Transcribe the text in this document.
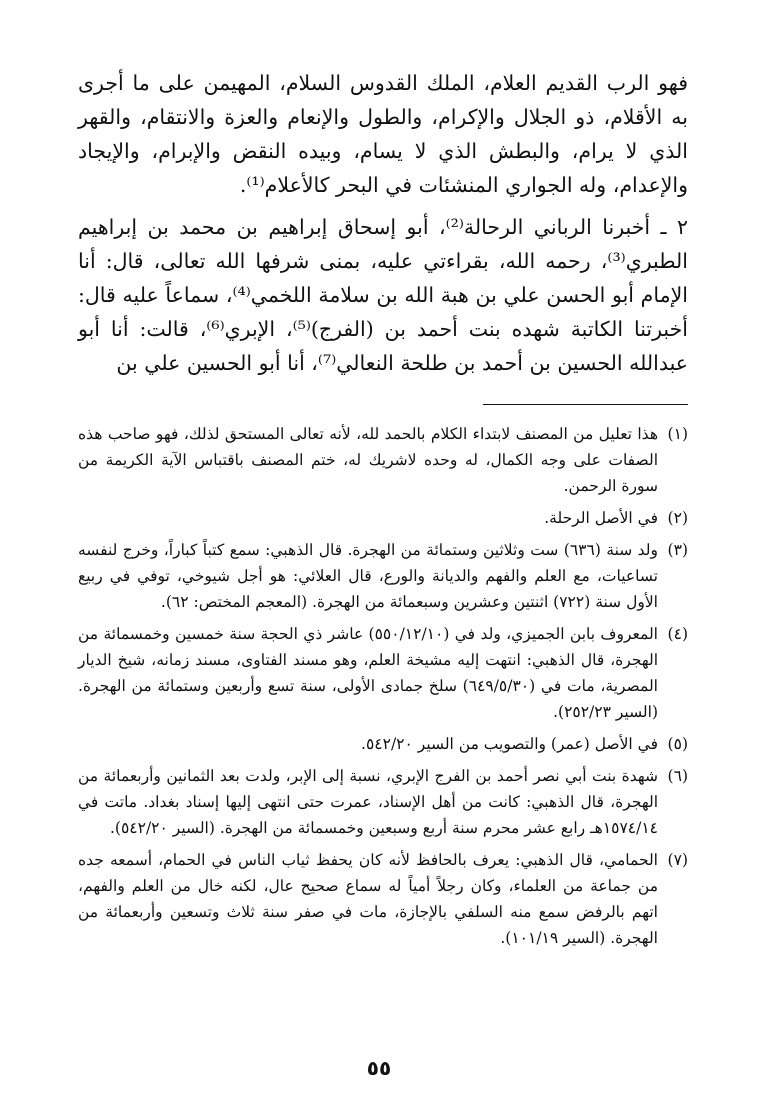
فهو الرب القديم العلام، الملك القدوس السلام، المهيمن على ما أجرى به الأقلام، ذو الجلال والإكرام، والطول والإنعام والعزة والانتقام، والقهر الذي لا يرام، والبطش الذي لا يسام، وبيده النقض والإبرام، والإيجاد والإعدام، وله الجواري المنشئات في البحر كالأعلام⁽¹⁾.

٢ ـ أخبرنا الرباني الرحالة⁽²⁾، أبو إسحاق إبراهيم بن محمد بن إبراهيم الطبري⁽³⁾، رحمه الله، بقراءتي عليه، بمنى شرفها الله تعالى، قال: أنا الإمام أبو الحسن علي بن هبة الله بن سلامة اللخمي⁽⁴⁾، سماعاً عليه قال: أخبرتنا الكاتبة شهده بنت أحمد بن (الفرج)⁽⁵⁾، الإبري⁽⁶⁾، قالت: أنا أبو عبدالله الحسين بن أحمد بن طلحة النعالي⁽⁷⁾، أنا أبو الحسين علي بن

(١)
هذا تعليل من المصنف لابتداء الكلام بالحمد لله، لأنه تعالى المستحق لذلك، فهو صاحب هذه الصفات على وجه الكمال، له وحده لاشريك له، ختم المصنف باقتباس الآية الكريمة من سورة الرحمن.
(٢)
في الأصل الرحلة.
(٣)
ولد سنة (٦٣٦) ست وثلاثين وستمائة من الهجرة. قال الذهبي: سمع كتباً كباراً، وخرج لنفسه تساعيات، مع العلم والفهم والديانة والورع، قال العلائي: هو أجل شيوخي، توفي في ربيع الأول سنة (٧٢٢) اثنتين وعشرين وسبعمائة من الهجرة. (المعجم المختص: ٦٢).
(٤)
المعروف بابن الجميزي، ولد في (٥٥٠/١٢/١٠) عاشر ذي الحجة سنة خمسين وخمسمائة من الهجرة، قال الذهبي: انتهت إليه مشيخة العلم، وهو مسند الفتاوى، مسند زمانه، شيخ الديار المصرية، مات في (٦٤٩/٥/٣٠) سلخ جمادى الأولى، سنة تسع وأربعين وستمائة من الهجرة. (السير ٢٥٢/٢٣).
(٥)
في الأصل (عمر) والتصويب من السير ٥٤٢/٢٠.
(٦)
شهدة بنت أبي نصر أحمد بن الفرج الإبري، نسبة إلى الإبر، ولدت بعد الثمانين وأربعمائة من الهجرة، قال الذهبي: كانت من أهل الإسناد، عمرت حتى انتهى إليها إسناد بغداد. ماتت في ١٥٧٤/١٤هـ رابع عشر محرم سنة أربع وسبعين وخمسمائة من الهجرة. (السير ٥٤٢/٢٠).
(٧)
الحمامي، قال الذهبي: يعرف بالحافظ لأنه كان يحفظ ثياب الناس في الحمام، أسمعه جده من جماعة من العلماء، وكان رجلاً أمياً له سماع صحيح عال، لكنه خال من العلم والفهم، اتهم بالرفض سمع منه السلفي بالإجازة، مات في صفر سنة ثلاث وتسعين وأربعمائة من الهجرة. (السير ١٠١/١٩).
٥٥
